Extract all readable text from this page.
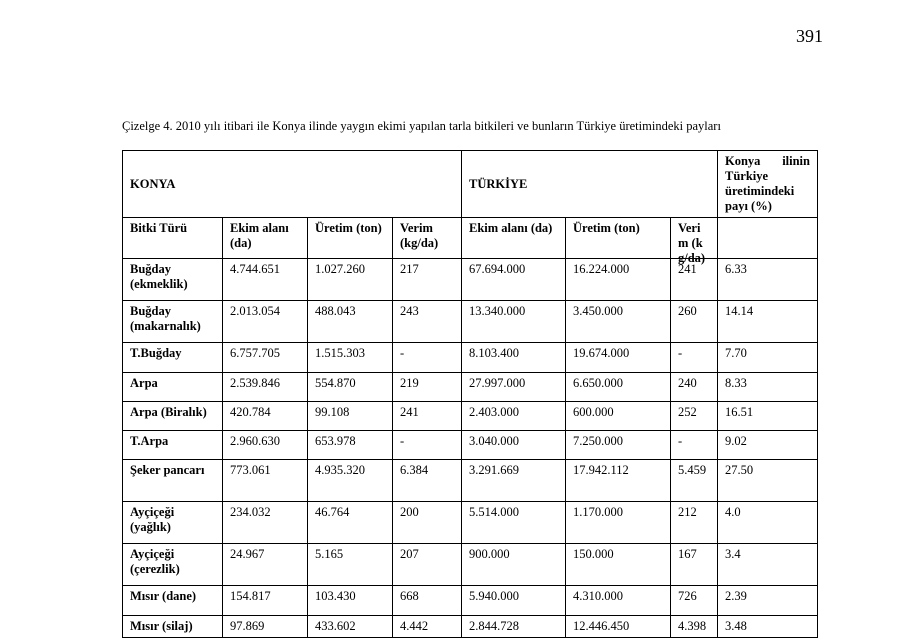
391
Çizelge 4. 2010 yılı itibari ile Konya ilinde yaygın ekimi yapılan tarla bitkileri ve bunların Türkiye üretimindeki payları
KONYA				TÜRKİYE			Konya ilinin Türkiye üretimindeki payı (%)
Bitki Türü	Ekim alanı (da)	Üretim (ton)	Verim (kg/da)	Ekim alanı (da)	Üretim (ton)	Verim (kg/da)	

Buğday (ekmeklik)	4.744.651	1.027.260	217	67.694.000	16.224.000	241	6.33
Buğday (makarnalık)	2.013.054	488.043	243	13.340.000	3.450.000	260	14.14
T.Buğday	6.757.705	1.515.303	-	8.103.400	19.674.000	-	7.70
Arpa	2.539.846	554.870	219	27.997.000	6.650.000	240	8.33
Arpa (Biralık)	420.784	99.108	241	2.403.000	600.000	252	16.51
T.Arpa	2.960.630	653.978	-	3.040.000	7.250.000	-	9.02
Şeker pancarı	773.061	4.935.320	6.384	3.291.669	17.942.112	5.459	27.50
Ayçiçeği (yağlık)	234.032	46.764	200	5.514.000	1.170.000	212	4.0
Ayçiçeği (çerezlik)	24.967	5.165	207	900.000	150.000	167	3.4
Mısır (dane)	154.817	103.430	668	5.940.000	4.310.000	726	2.39
Mısır (silaj)	97.869	433.602	4.442	2.844.728	12.446.450	4.398	3.48
